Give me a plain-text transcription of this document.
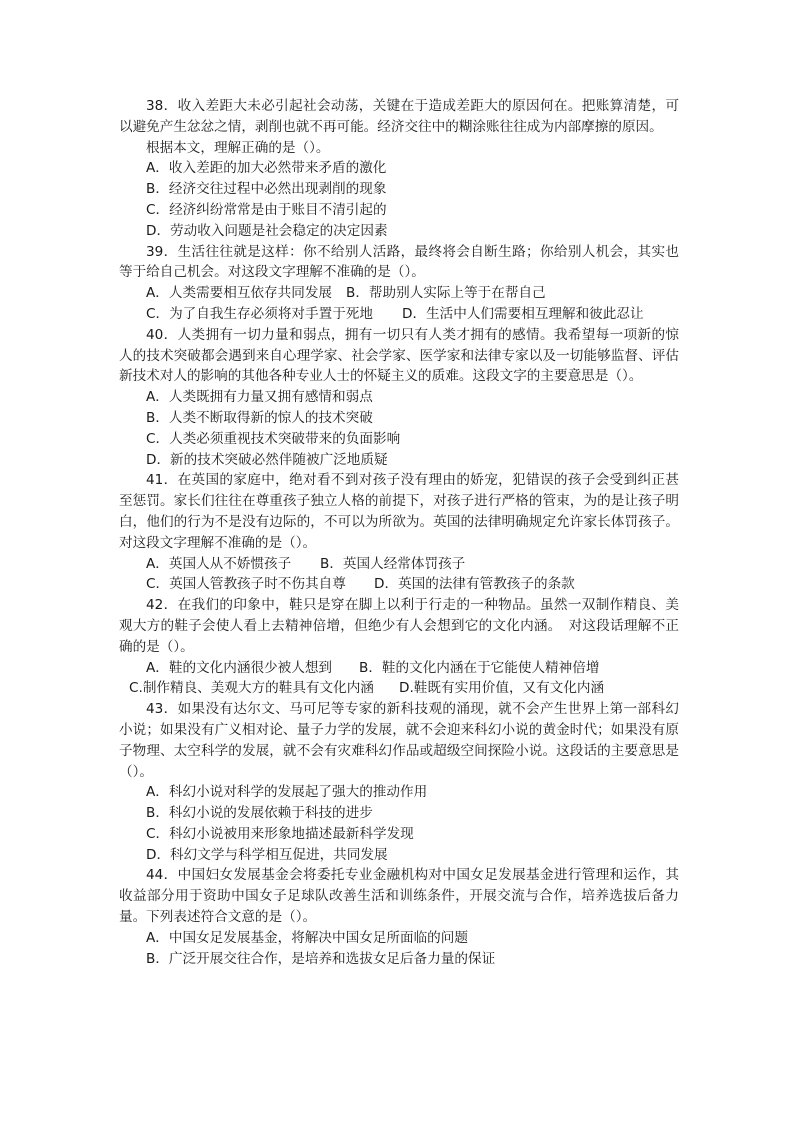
38．收入差距大未必引起社会动荡，关键在于造成差距大的原因何在。把账算清楚，可以避免产生忿忿之情，剥削也就不再可能。经济交往中的糊涂账往往成为内部摩擦的原因。

根据本文，理解正确的是（）。

A．收入差距的加大必然带来矛盾的激化

B．经济交往过程中必然出现剥削的现象

C．经济纠纷常常是由于账目不清引起的

D．劳动收入问题是社会稳定的决定因素

39．生活往往就是这样：你不给别人活路，最终将会自断生路；你给别人机会，其实也等于给自己机会。对这段文字理解不准确的是（）。

A．人类需要相互依存共同发展 B．帮助别人实际上等于在帮自己

C．为了自我生存必须将对手置于死地 D．生活中人们需要相互理解和彼此忍让

40．人类拥有一切力量和弱点，拥有一切只有人类才拥有的感情。我希望每一项新的惊人的技术突破都会遇到来自心理学家、社会学家、医学家和法律专家以及一切能够监督、评估新技术对人的影响的其他各种专业人士的怀疑主义的质难。这段文字的主要意思是（）。

A．人类既拥有力量又拥有感情和弱点

B．人类不断取得新的惊人的技术突破

C．人类必须重视技术突破带来的负面影响

D．新的技术突破必然伴随被广泛地质疑

41．在英国的家庭中，绝对看不到对孩子没有理由的娇宠，犯错误的孩子会受到纠正甚至惩罚。家长们往往在尊重孩子独立人格的前提下，对孩子进行严格的管束，为的是让孩子明白，他们的行为不是没有边际的，不可以为所欲为。英国的法律明确规定允许家长体罚孩子。对这段文字理解不准确的是（）。

A．英国人从不娇惯孩子 B．英国人经常体罚孩子

C．英国人管教孩子时不伤其自尊 D．英国的法律有管教孩子的条款

42．在我们的印象中，鞋只是穿在脚上以利于行走的一种物品。虽然一双制作精良、美观大方的鞋子会使人看上去精神倍增，但绝少有人会想到它的文化内涵。　对这段话理解不正确的是（）。

A．鞋的文化内涵很少被人想到 B．鞋的文化内涵在于它能使人精神倍增

C.制作精良、美观大方的鞋具有文化内涵 D.鞋既有实用价值，又有文化内涵

43．如果没有达尔文、马可尼等专家的新科技观的涌现，就不会产生世界上第一部科幻小说；如果没有广义相对论、量子力学的发展，就不会迎来科幻小说的黄金时代；如果没有原子物理、太空科学的发展，就不会有灾难科幻作品或超级空间探险小说。这段话的主要意思是（）。

A．科幻小说对科学的发展起了强大的推动作用

B．科幻小说的发展依赖于科技的进步

C．科幻小说被用来形象地描述最新科学发现

D．科幻文学与科学相互促进，共同发展

44．中国妇女发展基金会将委托专业金融机构对中国女足发展基金进行管理和运作，其收益部分用于资助中国女子足球队改善生活和训练条件，开展交流与合作，培养选拔后备力量。下列表述符合文意的是（）。

A．中国女足发展基金，将解决中国女足所面临的问题

B．广泛开展交往合作，是培养和选拔女足后备力量的保证
